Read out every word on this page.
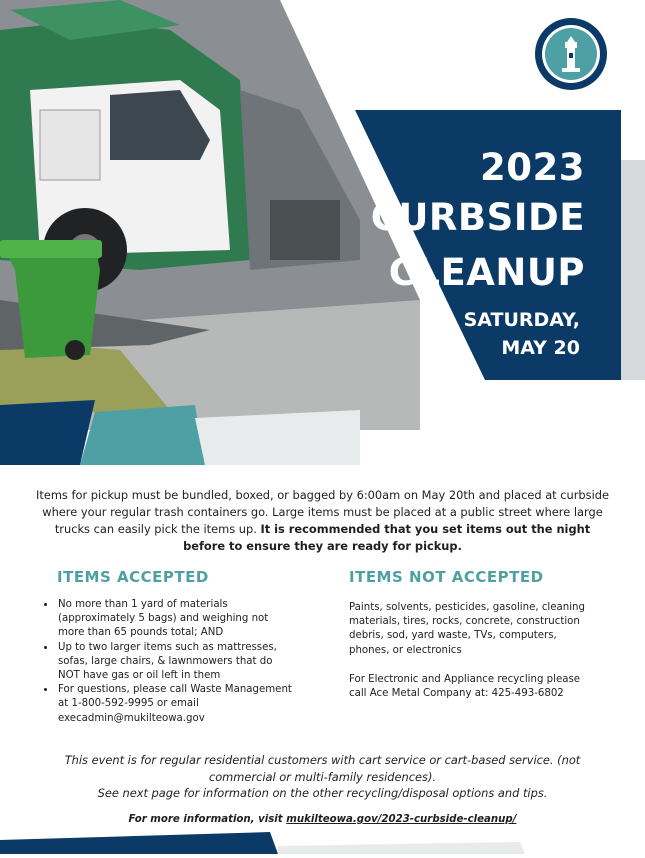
2023
CURBSIDE
CLEANUP
SATURDAY,
MAY 20
Items for pickup must be bundled, boxed, or bagged by 6:00am on May 20th and placed at curbside where your regular trash containers go. Large items must be placed at a public street where large trucks can easily pick the items up. It is recommended that you set items out the night before to ensure they are ready for pickup.
ITEMS ACCEPTED
• No more than 1 yard of materials (approximately 5 bags) and weighing not more than 65 pounds total; AND
• Up to two larger items such as mattresses, sofas, large chairs, & lawnmowers that do NOT have gas or oil left in them
• For questions, please call Waste Management at 1-800-592-9995 or email execadmin@mukilteowa.gov
ITEMS NOT ACCEPTED
Paints, solvents, pesticides, gasoline, cleaning materials, tires, rocks, concrete, construction debris, sod, yard waste, TVs, computers, phones, or electronics
For Electronic and Appliance recycling please call Ace Metal Company at: 425-493-6802
This event is for regular residential customers with cart service or cart-based service. (not commercial or multi-family residences).
See next page for information on the other recycling/disposal options and tips.
For more information, visit mukilteowa.gov/2023-curbside-cleanup/
